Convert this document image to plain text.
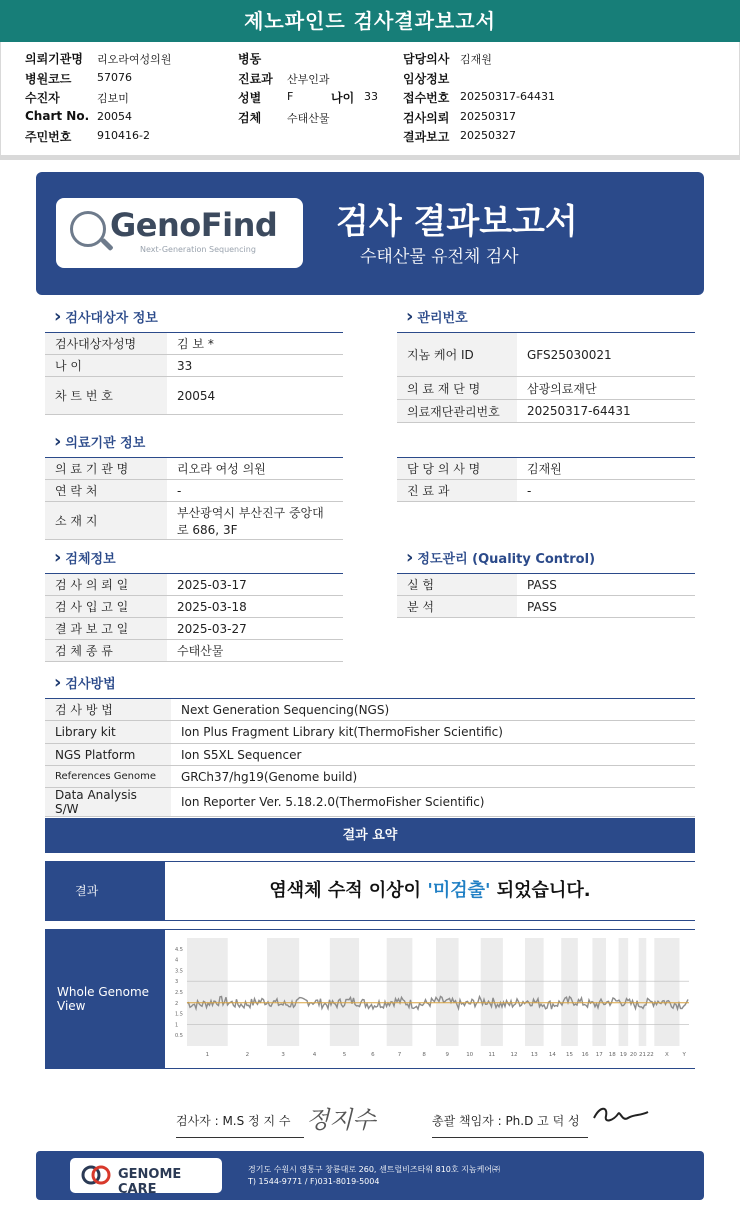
제노파인드 검사결과보고서
의뢰기관명 리오라여성의원
병원코드 57076
수진자	김보미
Chart No. 20054
주민번호 910416-2
병동
진료과 산부인과
성별 F
검체 수태산물
담당의사 김재원
임상정보
접수번호 20250317-64431
검사의뢰 20250317
결과보고 20250327
나이 33
GenoFind
Next-Generation Sequencing
검사 결과보고서
수태산물 유전체 검사
› 검사대상자 정보
검사대상자성명	김 보 *
나 이	33
차 트 번 호	20054
› 관리번호
지놈 케어 ID	GFS25030021
의 료 재 단 명	삼광의료재단
의료재단관리번호	20250317-64431
› 의료기관 정보
의 료 기 관 명	리오라 여성 의원
연 락 처	-
소 재 지	부산광역시 부산진구 중앙대로 686, 3F
담 당 의 사 명	김재원
진 료 과	-
› 검체정보
검 사 의 뢰 일	2025-03-17
검 사 입 고 일	2025-03-18
결 과 보 고 일	2025-03-27
검 체 종 류	수태산물
› 정도관리 (Quality Control)
실 험	PASS
분 석	PASS
› 검사방법
검 사 방 법	Next Generation Sequencing(NGS)
Library kit	Ion Plus Fragment Library kit(ThermoFisher Scientific)
NGS Platform	Ion S5XL Sequencer
References Genome	GRCh37/hg19(Genome build)
Data Analysis S/W	Ion Reporter Ver. 5.18.2.0(ThermoFisher Scientific)
결과 요약
결과	염색체 수적 이상이 '미검출' 되었습니다.
Whole Genome View
1	2	3	4	5	6	7	8	9	10	11	12 13 14 15 16 17 18 19 20 21 22 X	Y
4.5
4
3.5
3
2.5
2
1.5
1
0.5
검사자 : M.S 정 지 수 정지수	총괄 책임자 : Ph.D 고 덕 성
GENOME CARE
경기도 수원시 영통구 창룡대로 260, 센트럴비즈타워 810호 지놈케어㈜
T) 1544-9771 / F)031-8019-5004
